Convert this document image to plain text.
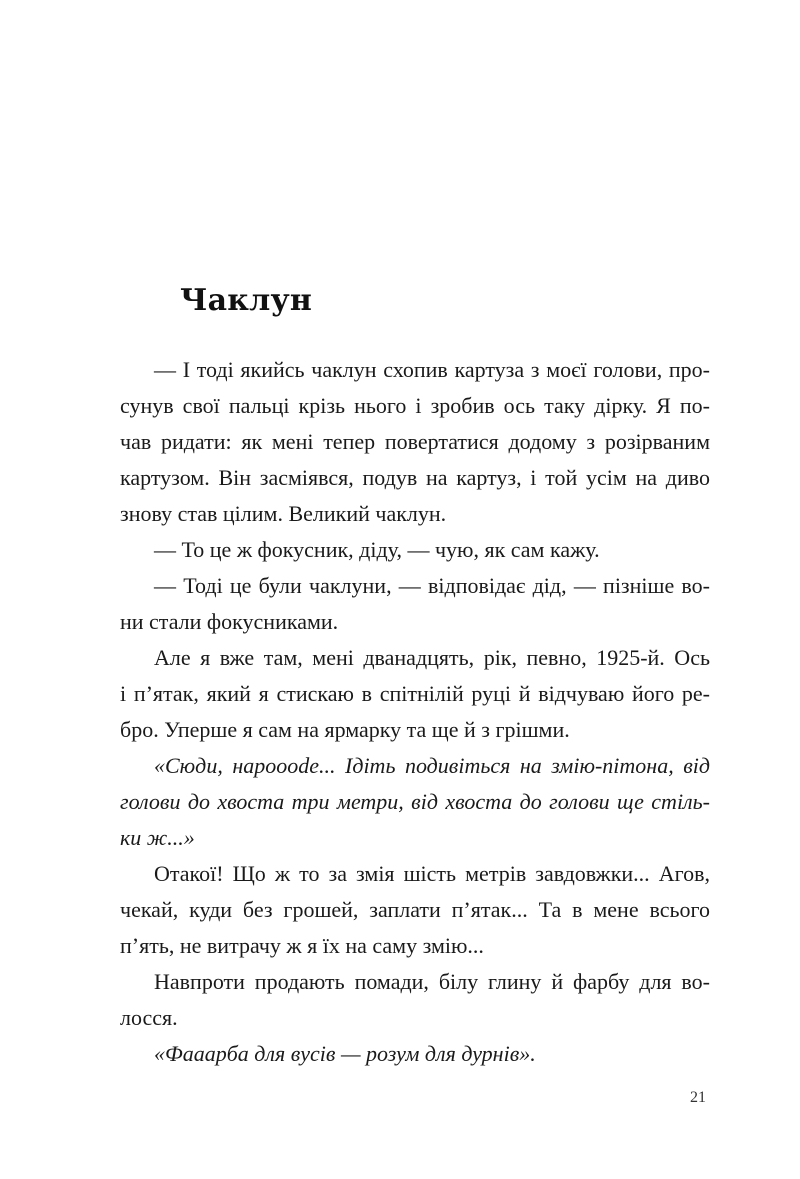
Чаклун
— І тоді якийсь чаклун схопив картуза з моєї голови, про-
сунув свої пальці крізь нього і зробив ось таку дірку. Я по-
чав ридати: як мені тепер повертатися додому з розірваним
картузом. Він засміявся, подув на картуз, і той усім на диво
знову став цілим. Великий чаклун.
— То це ж фокусник, діду, — чую, як сам кажу.
— Тоді це були чаклуни, — відповідає дід, — пізніше во-
ни стали фокусниками.
Але я вже там, мені дванадцять, рік, певно, 1925-й. Ось
і п’ятак, який я стискаю в спітнілій руці й відчуваю його ре-
бро. Уперше я сам на ярмарку та ще й з грішми.
«Сюди, нарооode... Ідіть подивіться на змію-пітона, від
голови до хвоста три метри, від хвоста до голови ще стіль-
ки ж...»
Отакої! Що ж то за змія шість метрів завдовжки... Агов,
чекай, куди без грошей, заплати п’ятак... Та в мене всього
п’ять, не витрачу ж я їх на саму змію...
Навпроти продають помади, білу глину й фарбу для во-
лосся.
«Фааарба для вусів — розум для дурнів».
21
